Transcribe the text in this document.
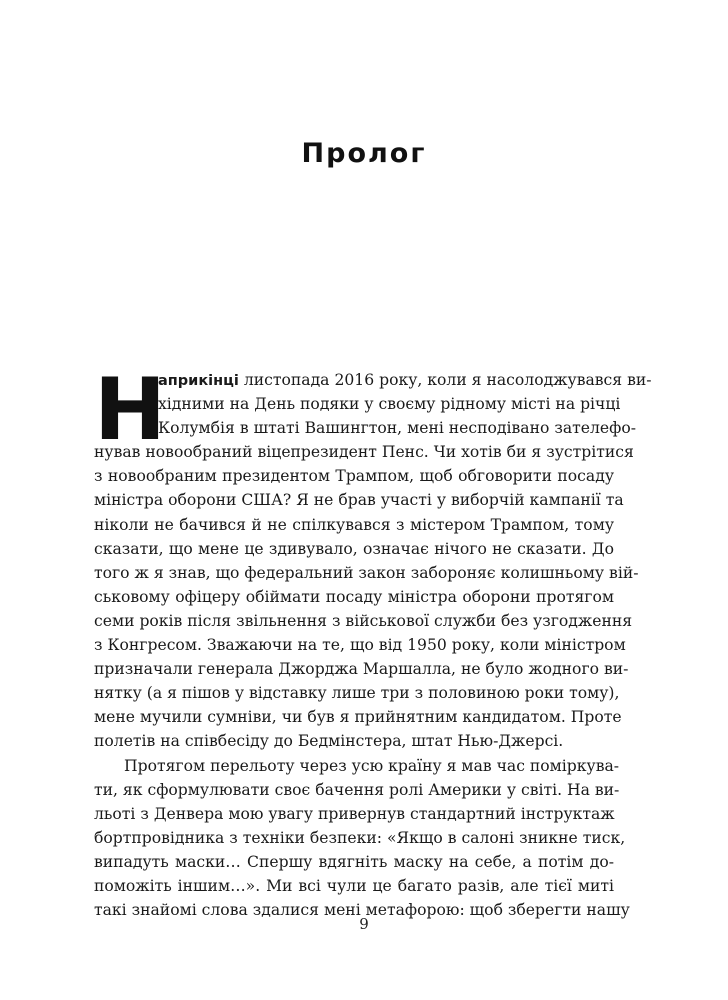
Пролог
Н
априкінці листопада 2016 року, коли я насолоджувався ви-
хідними на День подяки у своєму рідному місті на річці
Колумбія в штаті Вашингтон, мені несподівано зателефо-
нував новообраний віцепрезидент Пенс. Чи хотів би я зустрітися
з новообраним президентом Трампом, щоб обговорити посаду
міністра оборони США? Я не брав участі у виборчій кампанії та
ніколи не бачився й не спілкувався з містером Трампом, тому
сказати, що мене це здивувало, означає нічого не сказати. До
того ж я знав, що федеральний закон забороняє колишньому вій-
ськовому офіцеру обіймати посаду міністра оборони протягом
семи років після звільнення з військової служби без узгодження
з Конгресом. Зважаючи на те, що від 1950 року, коли міністром
призначали генерала Джорджа Маршалла, не було жодного ви-
нятку (а я пішов у відставку лише три з половиною роки тому),
мене мучили сумніви, чи був я прийнятним кандидатом. Проте
полетів на співбесіду до Бедмінстера, штат Нью-Джерсі.
Протягом перельоту через усю країну я мав час поміркува-
ти, як сформулювати своє бачення ролі Америки у світі. На ви-
льоті з Денвера мою увагу привернув стандартний інструктаж
бортпровідника з техніки безпеки: «Якщо в салоні зникне тиск,
випадуть маски… Спершу вдягніть маску на себе, а потім до-
поможіть іншим…». Ми всі чули це багато разів, але тієї миті
такі знайомі слова здалися мені метафорою: щоб зберегти нашу
9
